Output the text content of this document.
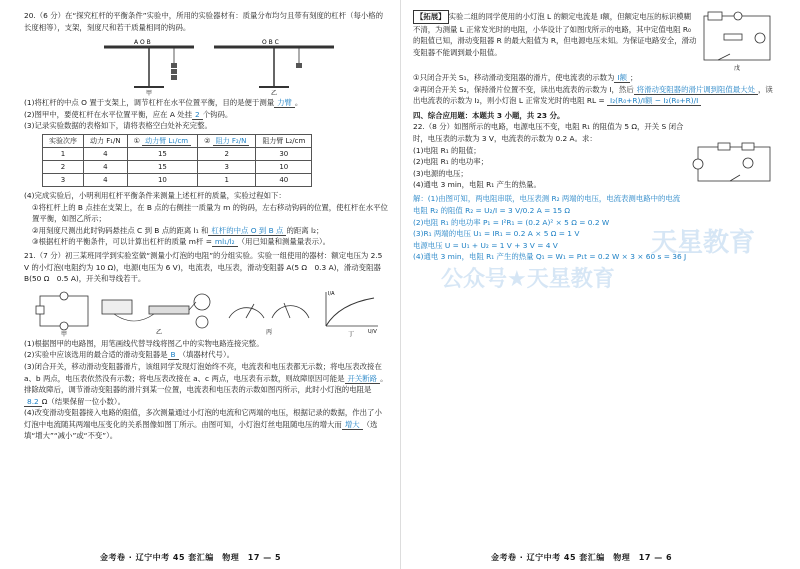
20.（6 分）在“探究杠杆的平衡条件”实验中，所用的实验器材有：质量分布均匀且带有刻度的杠杆（每小格的长度相等），支架，刻度尺和若干质量相同的钩码。

A O B
甲
O B C
乙

(1)将杠杆的中点 O 置于支架上，调节杠杆在水平位置平衡，目的是便于测量 力臂 。

(2)图甲中，要使杠杆在水平位置平衡，应在 A 处挂 2 个钩码。

(3)记录实验数据的表格如下，请将表格空白处补充完整。

实验次序	动力 F₁/N	① 动力臂 L₁/cm	② 阻力 F₂/N	阻力臂 L₂/cm
1	4	15	2	30
2	4	15	3	10
3	4	10	1	40

(4)完成实验后，小明利用杠杆平衡条件来测量上述杠杆的质量，实验过程如下：

①将杠杆上的 B 点挂在支架上，在 B 点的右侧挂一质量为 m 的钩码，左右移动钩码的位置，使杠杆在水平位置平衡，如图乙所示；

②用刻度尺测出此时钩码悬挂点 C 到 B 点的距离 l₁ 和 杠杆的中点 O 到 B 点 的距离 l₂；

③根据杠杆的平衡条件，可以计算出杠杆的质量 m杆 = ml₁/l₂ （用已知量和测量量表示）。

21.（7 分）初三某班同学到实验室做“测量小灯泡的电阻”的分组实验。实验一组使用的器材：额定电压为 2.5 V 的小灯泡(电阻约为 10 Ω)，电源(电压为 6 V)，电流表，电压表，滑动变阻器 A(5 Ω　0.3 A)，滑动变阻器 B(50 Ω　0.5 A)，开关和导线若干。

甲	乙	丙
I/A
U/V
丁

(1)根据图甲的电路图，用笔画线代替导线将图乙中的实物电路连接完整。

(2)实验中应该选用的最合适的滑动变阻器是 B （填器材代号）。

(3)闭合开关，移动滑动变阻器滑片，该组同学发现灯泡始终不亮，电流表和电压表都无示数；将电压表改接在 a、b 两点，电压表依然没有示数；将电压表改接在 a、c 两点，电压表有示数，则故障原因可能是 开关断路 。排除故障后，调节滑动变阻器的滑片到某一位置，电流表和电压表的示数如图丙所示，此时小灯泡的电阻是8.2 Ω（结果保留一位小数）。

(4)改变滑动变阻器接入电路的阻值，多次测量通过小灯泡的电流和它两端的电压，根据记录的数据，作出了小灯泡中电流随其两端电压变化的关系图像如图丁所示。由图可知，小灯泡灯丝电阻随电压的增大而 增大 （选填“增大”“减小”或“不变”）。

金考卷 · 辽宁中考 45 套汇编　物理　17 — 5

【拓展】 实验二组的同学使用的小灯泡 L 的额定电流是 I额，但额定电压的标识模糊不清，为测量 L 正常发光时的电阻，小华设计了如图戊所示的电路，其中定值电阻 R₀ 的阻值已知，滑动变阻器 R 的最大阻值为 R，但电源电压未知。为保证电路安全，滑动变阻器不能调到最小阻值。

戊

①只闭合开关 S₁，移动滑动变阻器的滑片，使电流表的示数为 I额 ；

②再闭合开关 S₂，保持滑片位置不变，读出电流表的示数为 I，然后 将滑动变阻器的滑片调到阻值最大处 ，读出电流表的示数为 I₂，则小灯泡 L 正常发光时的电阻 RL = I₂(R₀+R)/I额 − I₂(R₀+R)/I

四、综合应用题：本题共 3 小题，共 23 分。

22.（8 分）如图所示的电路，电源电压不变，电阻 R₁ 的阻值为 5 Ω，开关 S 闭合时，电压表的示数为 3 V，电流表的示数为 0.2 A。求：

(1)电阻 R₁ 的阻值；

(2)电阻 R₁ 的电功率；

(3)电源的电压；

(4)通电 3 min，电阻 R₁ 产生的热量。

解：(1)由图可知，两电阻串联，电压表测 R₂ 两端的电压，电流表测电路中的电流

电阻 R₂ 的阻值 R₂ = U₂/I = 3 V/0.2 A = 15 Ω

(2)电阻 R₁ 的电功率 P₁ = I²R₁ = (0.2 A)² × 5 Ω = 0.2 W

(3)R₁ 两端的电压 U₁ = IR₁ = 0.2 A × 5 Ω = 1 V

电源电压 U = U₁ + U₂ = 1 V + 3 V = 4 V

(4)通电 3 min，电阻 R₁ 产生的热量 Q₁ = W₁ = P₁t = 0.2 W × 3 × 60 s = 36 J

公众号★天星教育
天星教育
金考卷 · 辽宁中考 45 套汇编　物理　17 — 6
